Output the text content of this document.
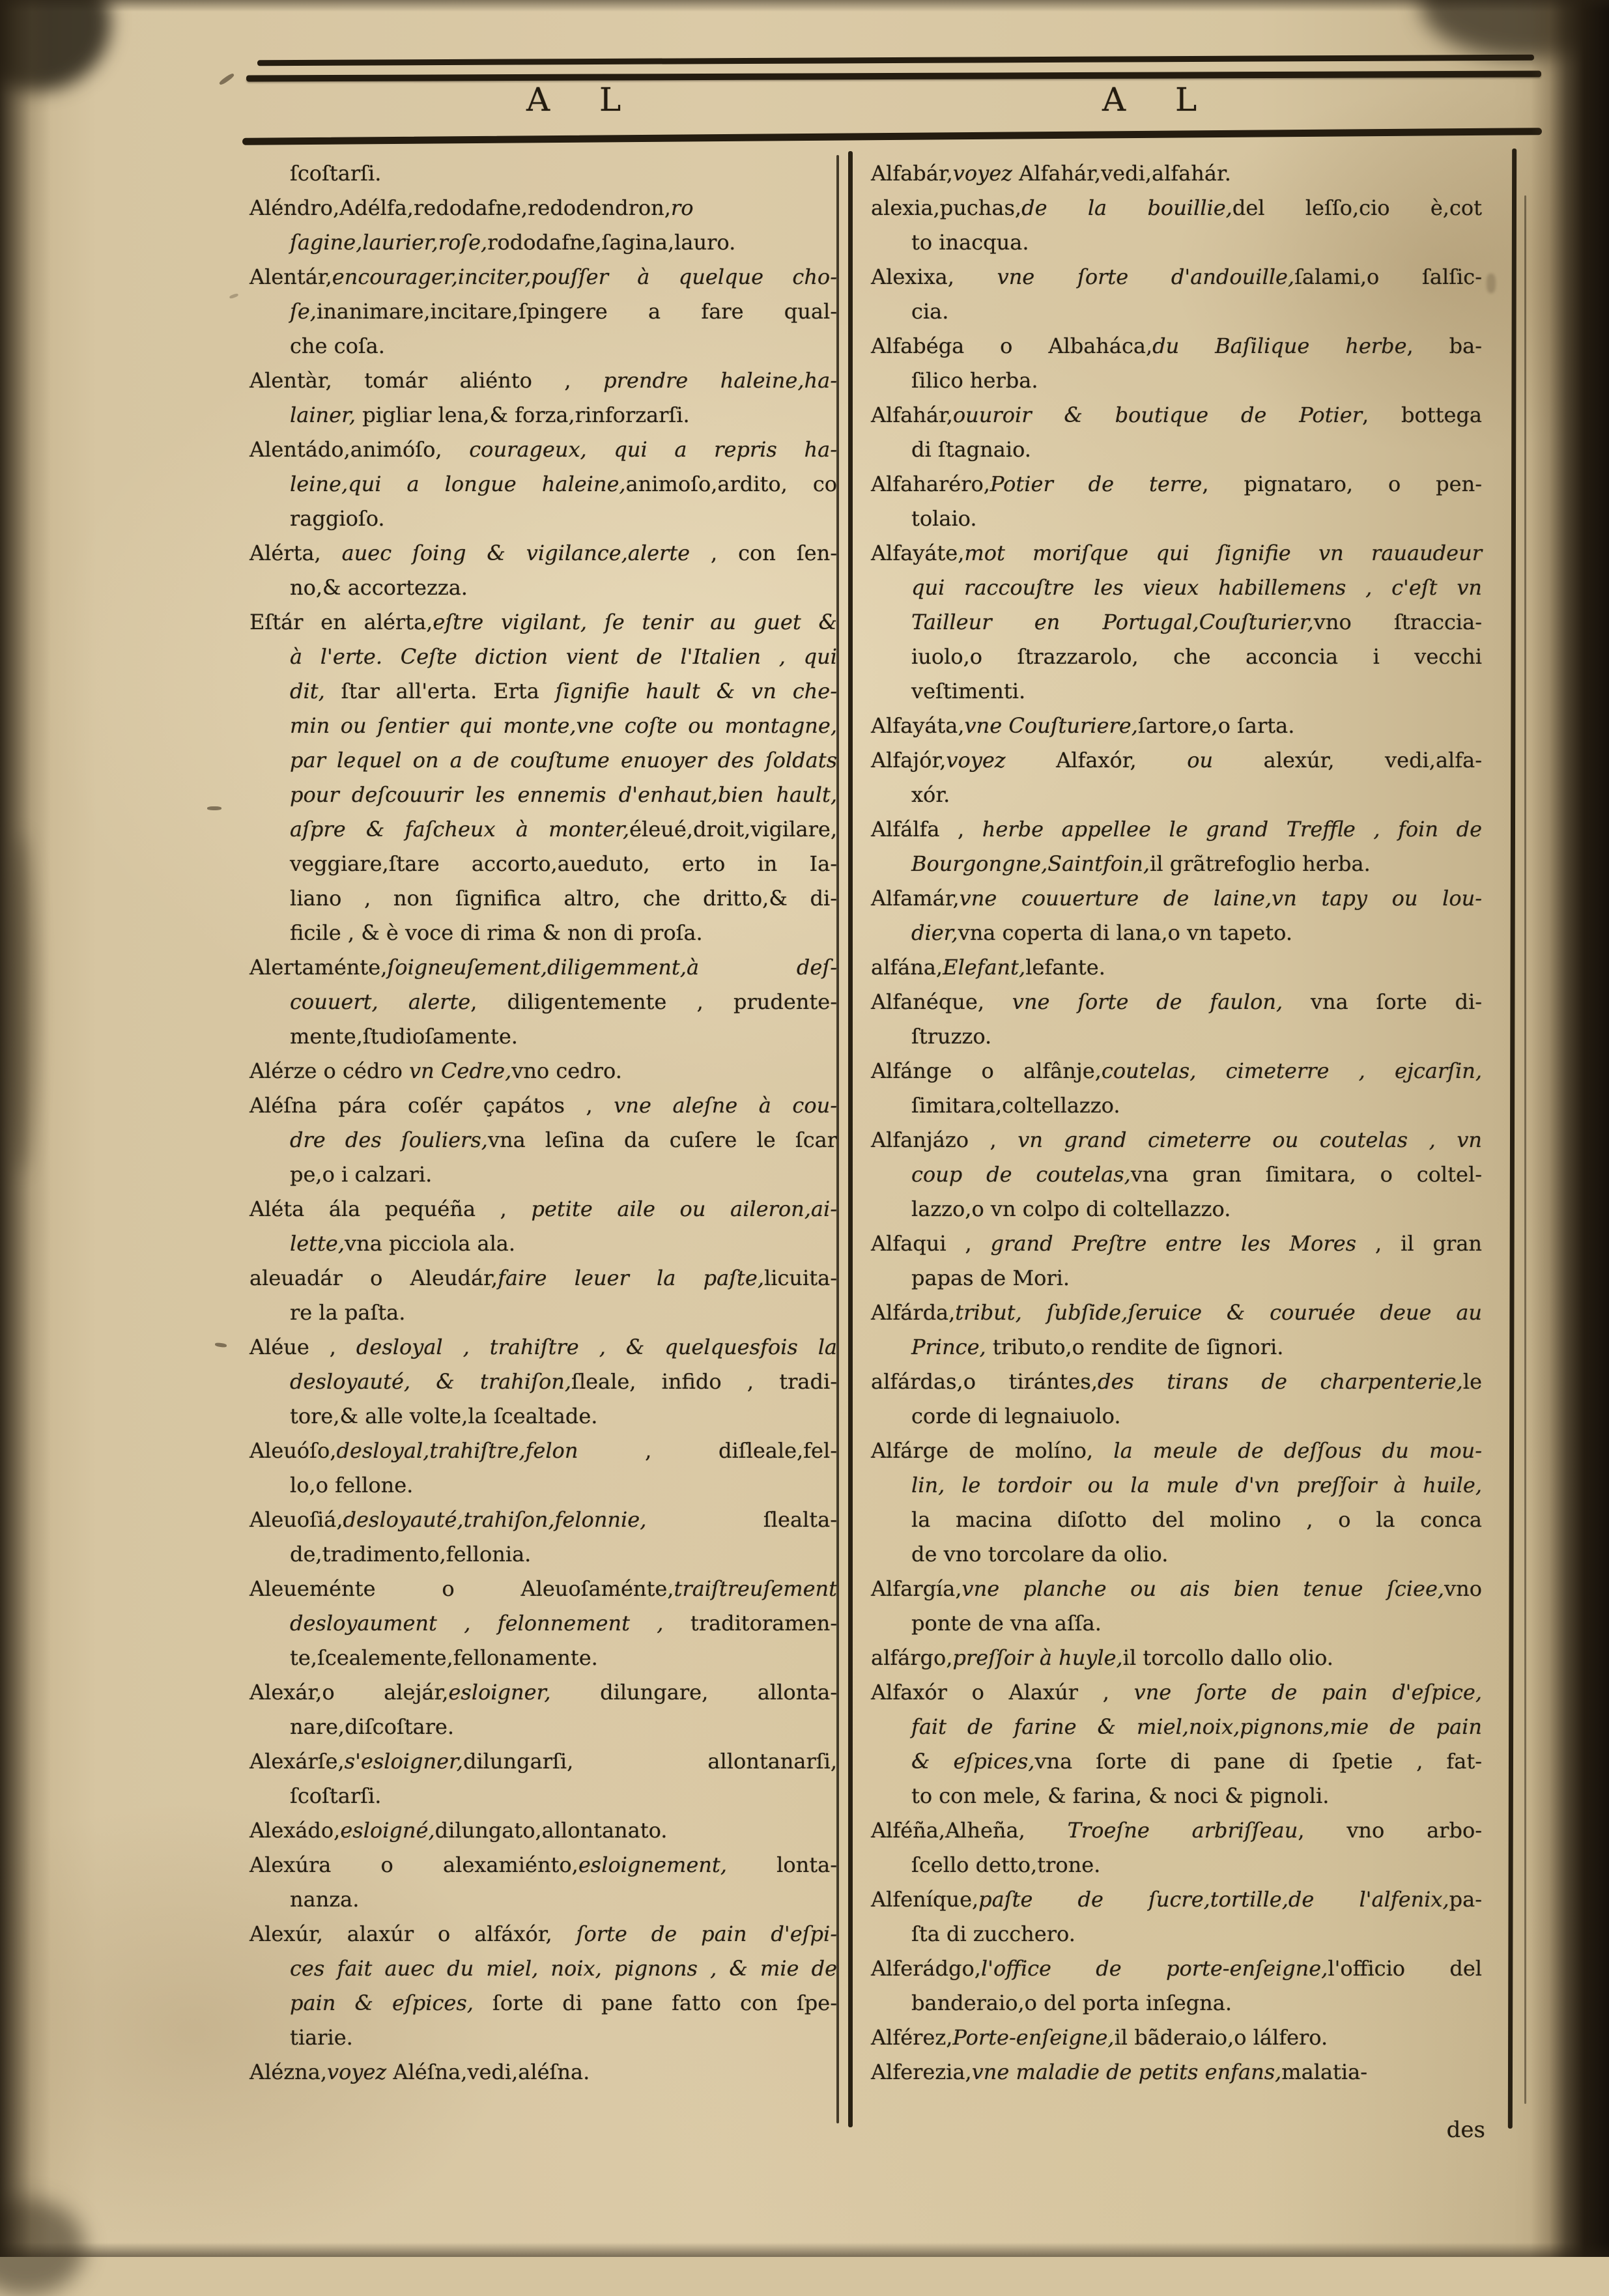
A L	A L
ſcoſtarſi.
Aléndro,Adélfa,redodafne,redodendron,ro
ſagine,laurier,roſe,rododafne,ſagina,lauro.
Alentár,encourager,inciter,pouſſer à quelque cho-
ſe,inanimare,incitare,ſpingere a fare qual-
che coſa.
Alentàr, tomár aliénto , prendre haleine,ha-
lainer, pigliar lena,& forza,rinforzarſi.
Alentádo,animóſo, courageux, qui a repris ha-
leine,qui a longue haleine,animoſo,ardito, co
raggioſo.
Alérta, auec ſoing & vigilance,alerte , con ſen-
no,& accortezza.
Eſtár en alérta,eſtre vigilant, ſe tenir au guet &
à l'erte. Ceſte diction vient de l'Italien , qui
dit, ſtar all'erta. Erta ſignifie hault & vn che-
min ou ſentier qui monte,vne coſte ou montagne,
par lequel on a de couſtume enuoyer des ſoldats
pour deſcouurir les ennemis d'enhaut,bien hault,
aſpre & faſcheux à monter,éleué,droit,vigilare,
veggiare,ſtare accorto,aueduto, erto in Ia-
liano , non ſignifica altro, che dritto,& di-
ficile , & è voce di rima & non di proſa.
Alertaménte,ſoigneuſement,diligemment,à deſ-
couuert, alerte, diligentemente , prudente-
mente,ſtudioſamente.
Alérze o cédro vn Cedre,vno cedro.
Aléſna pára coſér çapátos , vne aleſne à cou-
dre des ſouliers,vna leſina da cuſere le ſcar
pe,o i calzari.
Aléta ála pequéña , petite aile ou aileron,ai-
lette,vna picciola ala.
aleuadár o Aleudár,faire leuer la paſte,licuita-
re la paſta.
Aléue , desloyal , trahiſtre , & quelquesfois la
desloyauté, & trahiſon,ſleale, infido , tradi-
tore,& alle volte,la ſcealtade.
Aleuóſo,desloyal,trahiſtre,felon , diſleale,fel-
lo,o fellone.
Aleuoſiá,desloyauté,trahiſon,felonnie, ſlealta-
de,tradimento,fellonia.
Aleueménte o Aleuoſaménte,traiſtreuſement
desloyaument , felonnement , traditoramen-
te,ſcealemente,fellonamente.
Alexár,o alejár,esloigner, dilungare, allonta-
nare,diſcoſtare.
Alexárſe,s'esloigner,dilungarſi, allontanarſi,
ſcoſtarſi.
Alexádo,esloigné,dilungato,allontanato.
Alexúra o alexamiénto,esloignement, lonta-
nanza.
Alexúr, alaxúr o alfáxór, ſorte de pain d'eſpi-
ces fait auec du miel, noix, pignons , & mie de
pain & eſpices, ſorte di pane fatto con ſpe-
tiarie.
Alézna,voyez Aléſna,vedi,aléſna.
Alfabár,voyez Alfahár,vedi,alfahár.
alexia,puchas,de la bouillie,del leſſo,cio è,cot
to inacqua.
Alexixa, vne ſorte d'andouille,ſalami,o ſalſic-
cia.
Alfabéga o Albaháca,du Baſilique herbe, ba-
ſilico herba.
Alfahár,ouuroir & boutique de Potier, bottega
di ſtagnaio.
Alfaharéro,Potier de terre, pignataro, o pen-
tolaio.
Alfayáte,mot moriſque qui ſignifie vn rauaudeur
qui raccouſtre les vieux habillemens , c'eſt vn
Tailleur en Portugal,Couſturier,vno ſtraccia-
iuolo,o ſtrazzarolo, che acconcia i vecchi
veſtimenti.
Alfayáta,vne Couſturiere,ſartore,o ſarta.
Alfajór,voyez Alfaxór, ou alexúr, vedi,alfa-
xór.
Alfálfa , herbe appellee le grand Treffle , foin de
Bourgongne,Saintfoin,il grãtrefoglio herba.
Alfamár,vne couuerture de laine,vn tapy ou lou-
dier,vna coperta di lana,o vn tapeto.
alfána,Elefant,lefante.
Alfanéque, vne ſorte de faulon, vna ſorte di-
ſtruzzo.
Alfánge o alfânje,coutelas, cimeterre , ejcarſin,
ſimitara,coltellazzo.
Alfanjázo , vn grand cimeterre ou coutelas , vn
coup de coutelas,vna gran ſimitara, o coltel-
lazzo,o vn colpo di coltellazzo.
Alfaqui , grand Preſtre entre les Mores , il gran
papas de Mori.
Alfárda,tribut, ſubſide,ſeruice & couruée deue au
Prince, tributo,o rendite de ſignori.
alfárdas,o tirántes,des tirans de charpenterie,le
corde di legnaiuolo.
Alfárge de molíno, la meule de deſſous du mou-
lin, le tordoir ou la mule d'vn preſſoir à huile,
la macina diſotto del molino , o la conca
de vno torcolare da olio.
Alfargía,vne planche ou ais bien tenue ſciee,vno
ponte de vna aſſa.
alfárgo,preſſoir à huyle,il torcollo dallo olio.
Alfaxór o Alaxúr , vne ſorte de pain d'eſpice,
fait de farine & miel,noix,pignons,mie de pain
& eſpices,vna ſorte di pane di ſpetie , fat-
to con mele, & farina, & noci & pignoli.
Alféña,Alheña, Troeſne arbriſſeau, vno arbo-
ſcello detto,trone.
Alfeníque,paſte de ſucre,tortille,de l'alfenix,pa-
ſta di zucchero.
Alferádgo,l'office de porte-enſeigne,l'officio del
banderaio,o del porta inſegna.
Alférez,Porte-enſeigne,il bãderaio,o lálfero.
Alferezia,vne maladie de petits enfans,malatia-
des
